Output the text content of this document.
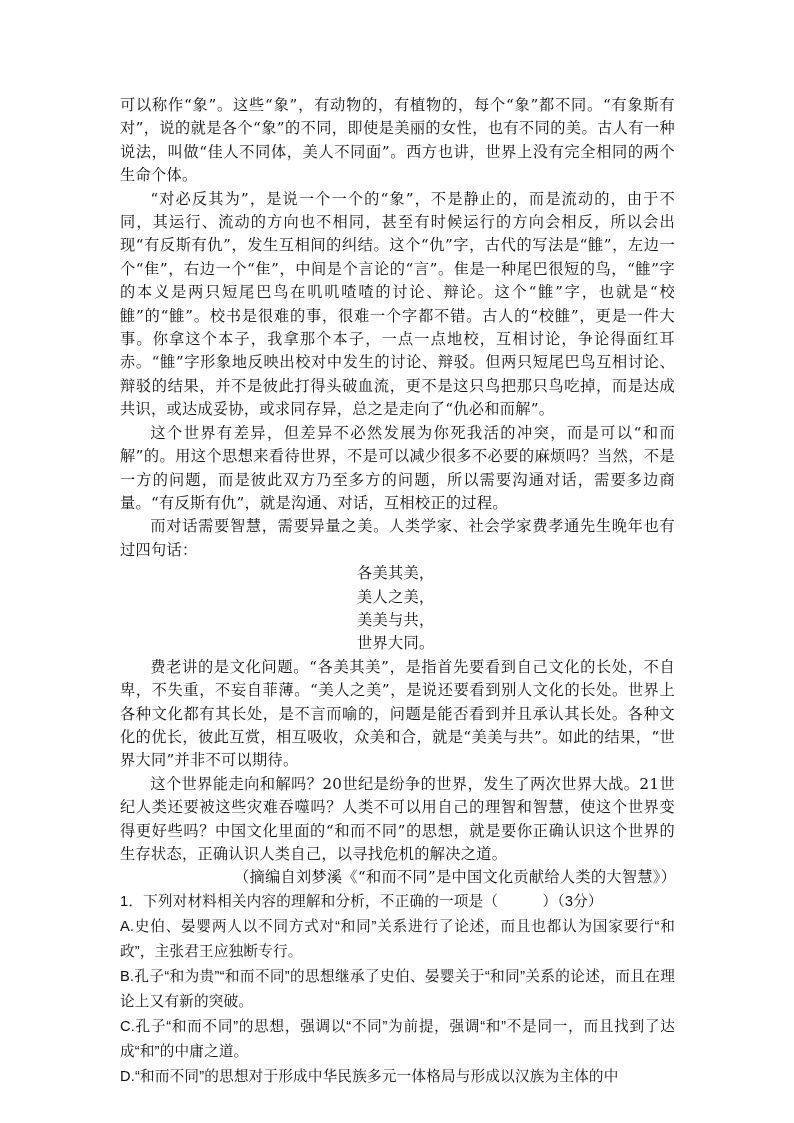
可以称作“象”。这些“象”，有动物的，有植物的，每个“象”都不同。“有象斯有对”，说的就是各个“象”的不同，即使是美丽的女性，也有不同的美。古人有一种说法，叫做“佳人不同体，美人不同面”。西方也讲，世界上没有完全相同的两个生命个体。

“对必反其为”，是说一个一个的“象”，不是静止的，而是流动的，由于不同，其运行、流动的方向也不相同，甚至有时候运行的方向会相反，所以会出现“有反斯有仇”，发生互相间的纠结。这个“仇”字，古代的写法是“雔”，左边一个“隹”，右边一个“隹”，中间是个言论的“言”。隹是一种尾巴很短的鸟，“雔”字的本义是两只短尾巴鸟在叽叽喳喳的讨论、辩论。这个“雔”字，也就是“校雔”的“雔”。校书是很难的事，很难一个字都不错。古人的“校雔”，更是一件大事。你拿这个本子，我拿那个本子，一点一点地校，互相讨论，争论得面红耳赤。“雔”字形象地反映出校对中发生的讨论、辩驳。但两只短尾巴鸟互相讨论、辩驳的结果，并不是彼此打得头破血流，更不是这只鸟把那只鸟吃掉，而是达成共识，或达成妥协，或求同存异，总之是走向了“仇必和而解”。

这个世界有差异，但差异不必然发展为你死我活的冲突，而是可以“和而解”的。用这个思想来看待世界，不是可以减少很多不必要的麻烦吗？当然，不是一方的问题，而是彼此双方乃至多方的问题，所以需要沟通对话，需要多边商量。“有反斯有仇”，就是沟通、对话，互相校正的过程。

而对话需要智慧，需要异量之美。人类学家、社会学家费孝通先生晚年也有过四句话：

各美其美，
美人之美，
美美与共，
世界大同。

费老讲的是文化问题。“各美其美”，是指首先要看到自己文化的长处，不自卑，不失重，不妄自菲薄。“美人之美”，是说还要看到别人文化的长处。世界上各种文化都有其长处，是不言而喻的，问题是能否看到并且承认其长处。各种文化的优长，彼此互赏，相互吸收，众美和合，就是“美美与共”。如此的结果，“世界大同”并非不可以期待。

这个世界能走向和解吗？20世纪是纷争的世界，发生了两次世界大战。21世纪人类还要被这些灾难吞噬吗？人类不可以用自己的理智和智慧，使这个世界变得更好些吗？中国文化里面的“和而不同”的思想，就是要你正确认识这个世界的生存状态，正确认识人类自己，以寻找危机的解决之道。

（摘编自刘梦溪《“和而不同”是中国文化贡献给人类的大智慧》）

1．下列对材料相关内容的理解和分析，不正确的一项是（　　　）（3分）

A.史伯、晏婴两人以不同方式对“和同”关系进行了论述，而且也都认为国家要行“和政”，主张君王应独断专行。

B.孔子“和为贵”“和而不同”的思想继承了史伯、晏婴关于“和同”关系的论述，而且在理论上又有新的突破。

C.孔子“和而不同”的思想，强调以“不同”为前提，强调“和”不是同一，而且找到了达成“和”的中庸之道。

D.“和而不同”的思想对于形成中华民族多元一体格局与形成以汉族为主体的中
